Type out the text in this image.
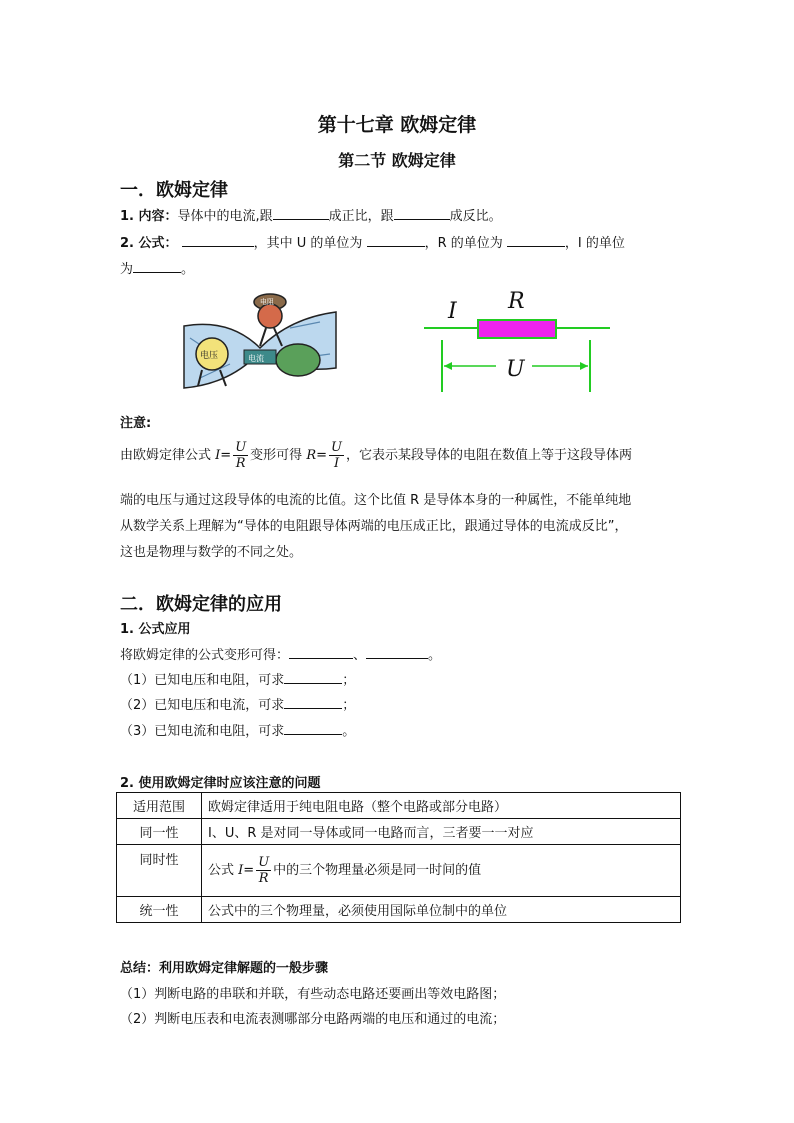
第十七章 欧姆定律
第二节 欧姆定律
一．欧姆定律
1. 内容：导体中的电流,跟	成正比，跟	成反比。
2. 公式：	，其中 U 的单位为	，R 的单位为	，I 的单位
为	。
电压	电流
电阻	I R
U
注意:
由欧姆定律公式 $I= \frac{U}{R}$ 变形可得 $R= \frac{U}{I}$ ，它表示某段导体的电阻在数值上等于这段导体两
端的电压与通过这段导体的电流的比值。这个比值 R 是导体本身的一种属性，不能单纯地
从数学关系上理解为“导体的电阻跟导体两端的电压成正比，跟通过导体的电流成反比”，
这也是物理与数学的不同之处。
二．欧姆定律的应用
1. 公式应用
将欧姆定律的公式变形可得：	、	。
（1）已知电压和电阻，可求	；
（2）已知电压和电流，可求	；
（3）已知电流和电阻，可求	。
2. 使用欧姆定律时应该注意的问题
适用范围	欧姆定律适用于纯电阻电路（整个电路或部分电路）
同一性	I、U、R 是对同一导体或同一电路而言，三者要一一对应
同时性	公式 $I= \frac{U}{R}$ 中的三个物理量必须是同一时间的值
统一性	公式中的三个物理量，必须使用国际单位制中的单位
总结：利用欧姆定律解题的一般步骤
（1）判断电路的串联和并联，有些动态电路还要画出等效电路图；
（2）判断电压表和电流表测哪部分电路两端的电压和通过的电流；
